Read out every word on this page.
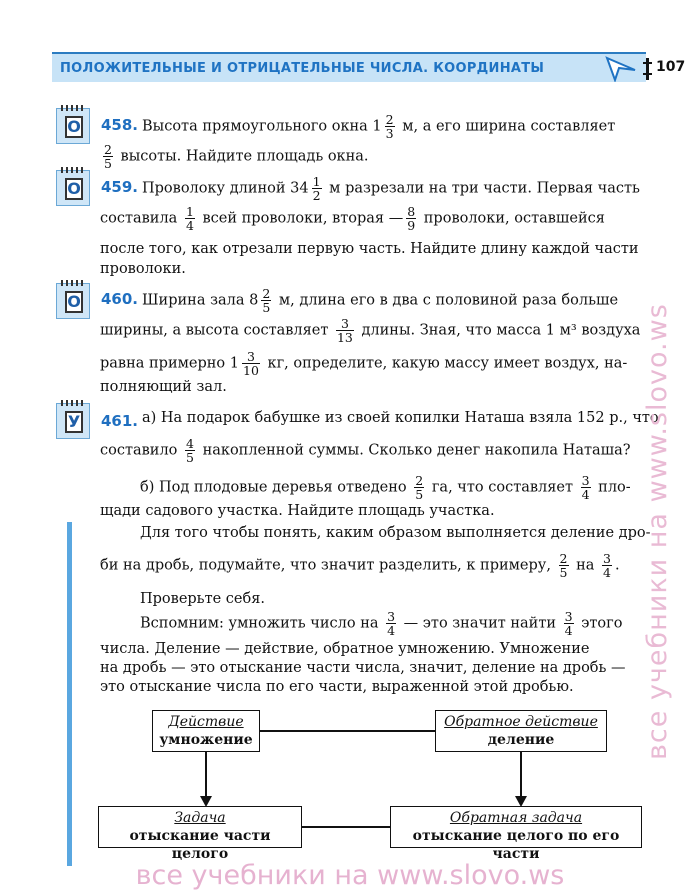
ПОЛОЖИТЕЛЬНЫЕ И ОТРИЦАТЕЛЬНЫЕ ЧИСЛА. КООРДИНАТЫ	107
О 458. Высота прямоугольного окна $1 \frac{2}{3} м$, а его ширина составляет
$\frac{2}{5}$ высоты. Найдите площадь окна.
О 459. Проволоку длиной $34 \frac{1}{2}$ м разрезали на три части. Первая часть
составила $\frac{1}{4}$ всей проволоки, вторая — $\frac{8}{9}$ проволоки, оставшейся
после того, как отрезали первую часть. Найдите длину каждой части
проволоки.
О 460. Ширина зала $8 \frac{2}{5} м$, длина его в два с половиной раза больше
ширины, а высота составляет $\frac{3}{13}$ длины. Зная, что масса 1 м³ воздуха
равна примерно $1 \frac{3}{10}$ кг, определите, какую массу имеет воздух, на-
полняющий зал.
У 461. а) На подарок бабушке из своей копилки Наташа взяла 152 р., что
составило $\frac{4}{5}$ накопленной суммы. Сколько денег накопила Наташа?
б) Под плодовые деревья отведено $\frac{2}{5}$ га, что составляет $\frac{3}{4} пло-$
щади садового участка. Найдите площадь участка.
Для того чтобы понять, каким образом выполняется деление дро-
би на дробь, подумайте, что значит разделить, к примеру, $\frac{2}{5}$ на $\frac{3}{4}$ .
Проверьте себя.
Вспомним: умножить число на $\frac{3}{4}$ — это значит найти $\frac{3}{4}$ этого
числа. Деление — действие, обратное умножению. Умножение
на дробь — это отыскание части числа, значит, деление на дробь —
это отыскание числа по его части, выраженной этой дробью.
Действие
умножение
Обратное действие
деление
Задача
отыскание части целого
Обратная задача
отыскание целого по его части
все учебники на www.slovo.ws
все учебники на www.slovo.ws
